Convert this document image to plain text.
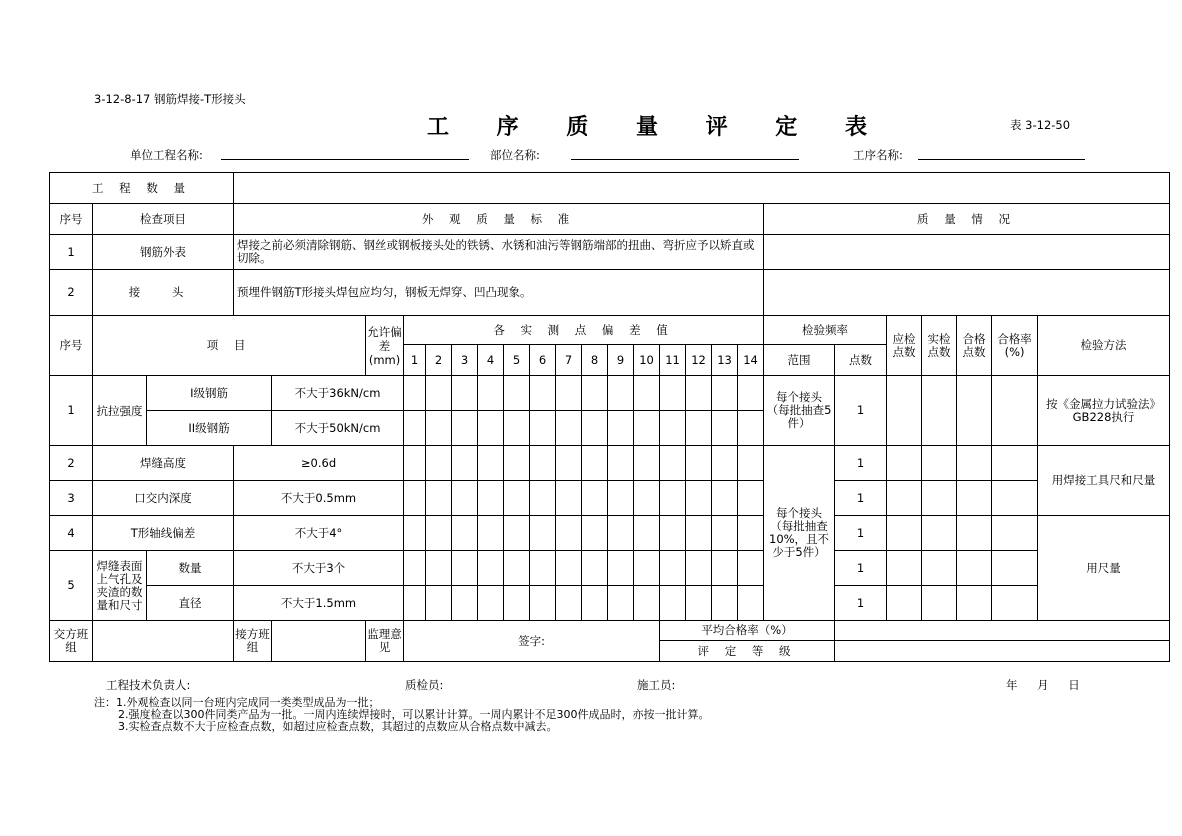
3-12-8-17 钢筋焊接-T形接头
工 序 质 量 评 定 表	表 3-12-50
单位工程名称:	部位名称:	工序名称:
工 程 数 量																										
序号	检查项目		外 观 质 量 标 准																	质 量 情 况						
1	钢筋外表		焊接之前必须清除钢筋、钢丝或钢板接头处的铁锈、水锈和油污等钢筋端部的扭曲、弯折应予以矫直或切除。																							
2	接 头		预埋件钢筋T形接头焊包应均匀，钢板无焊穿、凹凸现象。																							
序号	项 目				允许偏差
(mm)	各 实 测 点 偏 差 值														检验频率		应检点数	实检点数	合格点数	合格率(%)	检验方法
						1	2	3	4	5	6	7	8	9	10	11	12	13	14	范围	点数					
1	抗拉强度	I级钢筋		不大于36kN/cm																每个接头（每批抽查5件）	1					按《金属拉力试验法》GB228执行
		II级钢筋		不大于50kN/cm																						
2	焊缝高度		≥0.6d																	每个接头（每批抽查10%，且不少于5件）	1					用焊接工具尺和尺量
3	口交内深度		不大于0.5mm																		1					
4	T形轴线偏差		不大于4°																		1					用尺量
5	焊缝表面上气孔及夹渣的数量和尺寸	数量	不大于3个																		1					
		直径	不大于1.5mm																		1					
交方班组			接方班组		监理意见	签字:										平均合格率（%）										
																评 定 等 级										
工程技术负责人:	质检员:	施工员:	年 月 日
注：1.外观检查以同一台班内完成同一类类型成品为一批；
2.强度检查以300件同类产品为一批。一周内连续焊接时，可以累计计算。一周内累计不足300件成品时，亦按一批计算。
3.实检查点数不大于应检查点数，如超过应检查点数，其超过的点数应从合格点数中减去。
